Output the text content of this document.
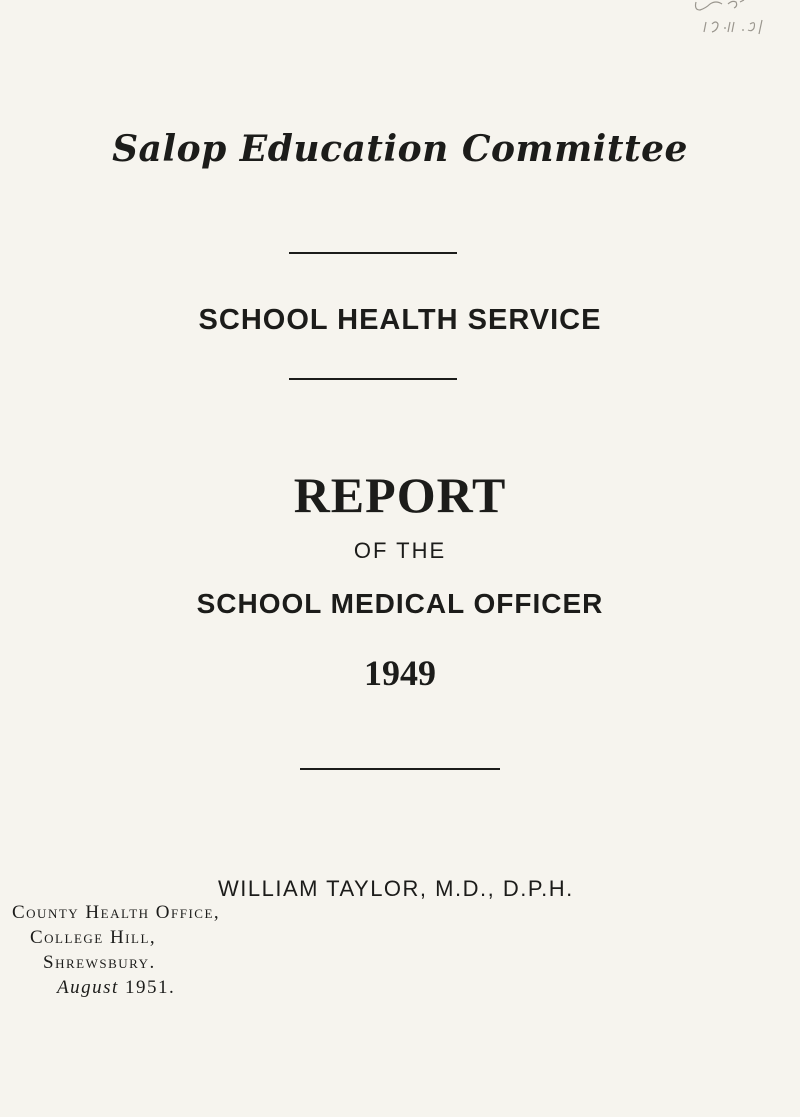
Salop Education Committee
SCHOOL HEALTH SERVICE
REPORT
OF THE
SCHOOL MEDICAL OFFICER
1949
WILLIAM TAYLOR, M.D., D.P.H.
County Health Office,
College Hill,
Shrewsbury.
August 1951.
